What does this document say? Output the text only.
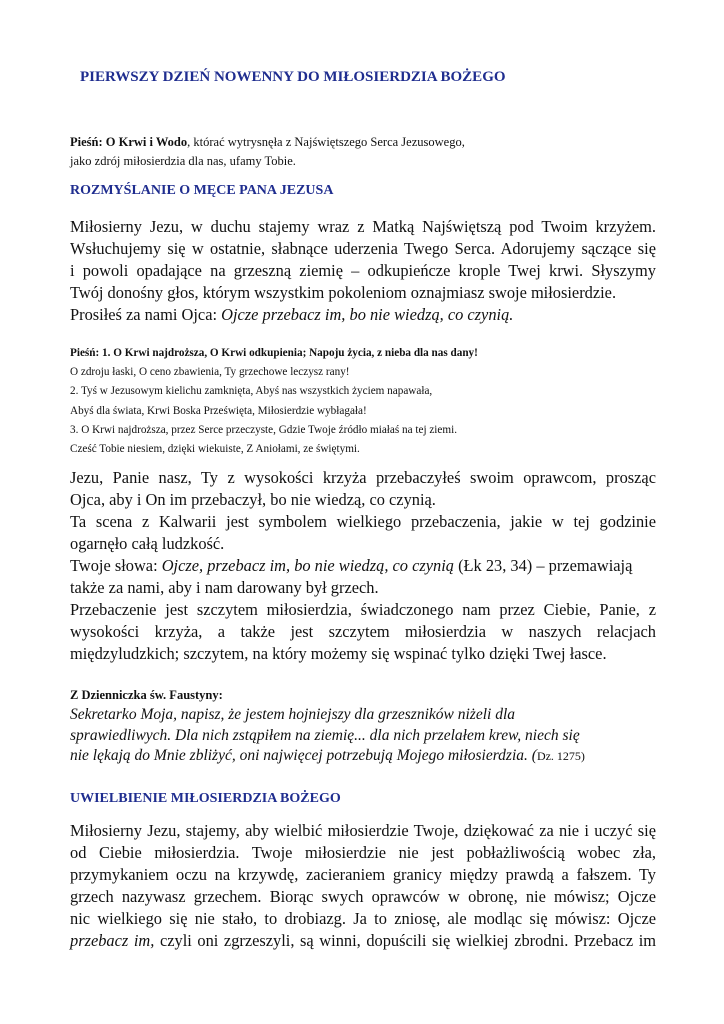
PIERWSZY DZIEŃ NOWENNY DO MIŁOSIERDZIA BOŻEGO
Pieśń: O Krwi i Wodo, którać wytrysnęła z Najświętszego Serca Jezusowego,
jako zdrój miłosierdzia dla nas, ufamy Tobie.
ROZMYŚLANIE O MĘCE PANA JEZUSA
Miłosierny Jezu, w duchu stajemy wraz z Matką Najświętszą pod Twoim krzyżem.
Wsłuchujemy się w ostatnie, słabnące uderzenia Twego Serca. Adorujemy sączące się
i powoli opadające na grzeszną ziemię – odkupieńcze krople Twej krwi. Słyszymy
Twój donośny głos, którym wszystkim pokoleniom oznajmiasz swoje miłosierdzie.
Prosiłeś za nami Ojca: Ojcze przebacz im, bo nie wiedzą, co czynią.
Pieśń: 1. O Krwi najdroższa, O Krwi odkupienia; Napoju życia, z nieba dla nas dany!
O zdroju łaski, O ceno zbawienia, Ty grzechowe leczysz rany!
2. Tyś w Jezusowym kielichu zamknięta, Abyś nas wszystkich życiem napawała,
Abyś dla świata, Krwi Boska Prześwięta, Miłosierdzie wybłagała!
3. O Krwi najdroższa, przez Serce przeczyste, Gdzie Twoje źródło miałaś na tej ziemi.
Cześć Tobie niesiem, dzięki wiekuiste, Z Aniołami, ze świętymi.
Jezu, Panie nasz, Ty z wysokości krzyża przebaczyłeś swoim oprawcom, prosząc
Ojca, aby i On im przebaczył, bo nie wiedzą, co czynią.
Ta scena z Kalwarii jest symbolem wielkiego przebaczenia, jakie w tej godzinie
ogarnęło całą ludzkość.
Twoje słowa: Ojcze, przebacz im, bo nie wiedzą, co czynią (Łk 23, 34) – przemawiają
także za nami, aby i nam darowany był grzech.
Przebaczenie jest szczytem miłosierdzia, świadczonego nam przez Ciebie, Panie, z
wysokości krzyża, a także jest szczytem miłosierdzia w naszych relacjach
międzyludzkich; szczytem, na który możemy się wspinać tylko dzięki Twej łasce.
Z Dzienniczka św. Faustyny:
Sekretarko Moja, napisz, że jestem hojniejszy dla grzeszników niżeli dla
sprawiedliwych. Dla nich zstąpiłem na ziemię... dla nich przelałem krew, niech się
nie lękają do Mnie zbliżyć, oni najwięcej potrzebują Mojego miłosierdzia. (Dz. 1275)
UWIELBIENIE MIŁOSIERDZIA BOŻEGO
Miłosierny Jezu, stajemy, aby wielbić miłosierdzie Twoje, dziękować za nie i uczyć się
od Ciebie miłosierdzia. Twoje miłosierdzie nie jest pobłażliwością wobec zła,
przymykaniem oczu na krzywdę, zacieraniem granicy między prawdą a fałszem. Ty
grzech nazywasz grzechem. Biorąc swych oprawców w obronę, nie mówisz; Ojcze
nic wielkiego się nie stało, to drobiazg. Ja to zniosę, ale modląc się mówisz: Ojcze
przebacz im, czyli oni zgrzeszyli, są winni, dopuścili się wielkiej zbrodni. Przebacz im
